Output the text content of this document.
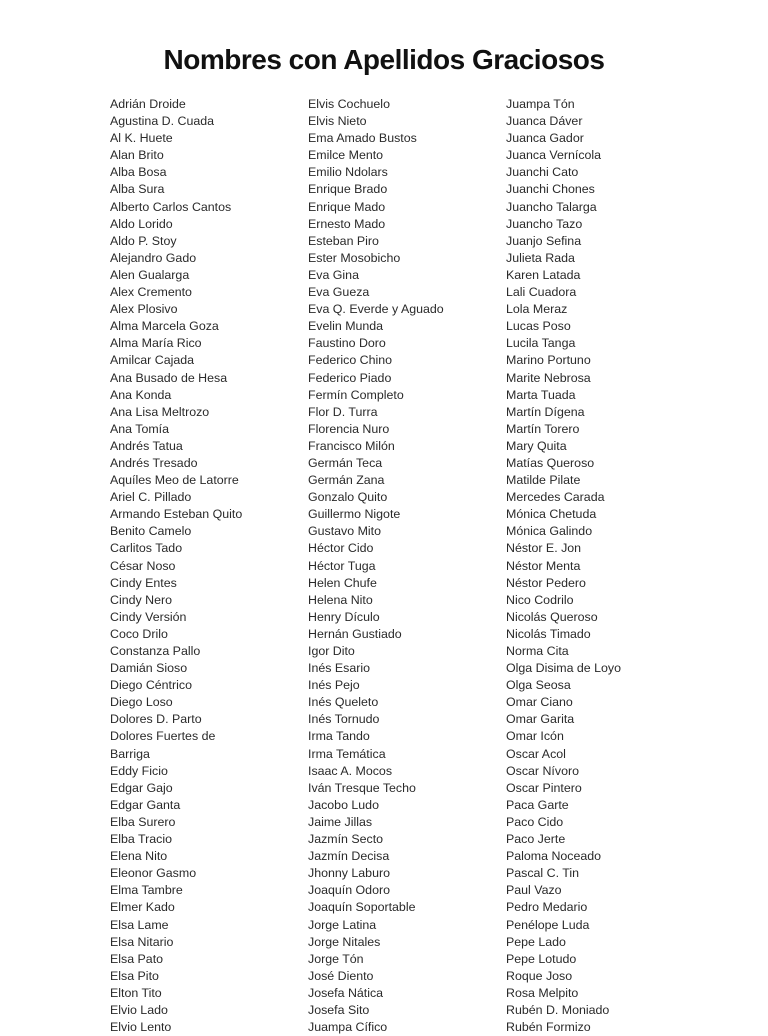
Nombres con Apellidos Graciosos
Adrián Droide
Agustina D. Cuada
Al K. Huete
Alan Brito
Alba Bosa
Alba Sura
Alberto Carlos Cantos
Aldo Lorido
Aldo P. Stoy
Alejandro Gado
Alen Gualarga
Alex Cremento
Alex Plosivo
Alma Marcela Goza
Alma María Rico
Amilcar Cajada
Ana Busado de Hesa
Ana Konda
Ana Lisa Meltrozo
Ana Tomía
Andrés Tatua
Andrés Tresado
Aquíles Meo de Latorre
Ariel C. Pillado
Armando Esteban Quito
Benito Camelo
Carlitos Tado
César Noso
Cindy Entes
Cindy Nero
Cindy Versión
Coco Drilo
Constanza Pallo
Damián Sioso
Diego Céntrico
Diego Loso
Dolores D. Parto
Dolores Fuertes de
Barriga
Eddy Ficio
Edgar Gajo
Edgar Ganta
Elba Surero
Elba Tracio
Elena Nito
Eleonor Gasmo
Elma Tambre
Elmer Kado
Elsa Lame
Elsa Nitario
Elsa Pato
Elsa Pito
Elton Tito
Elvio Lado
Elvio Lento
Elvis Cochuelo
Elvis Nieto
Ema Amado Bustos
Emilce Mento
Emilio Ndolars
Enrique Brado
Enrique Mado
Ernesto Mado
Esteban Piro
Ester Mosobicho
Eva Gina
Eva Gueza
Eva Q. Everde y Aguado
Evelin Munda
Faustino Doro
Federico Chino
Federico Piado
Fermín Completo
Flor D. Turra
Florencia Nuro
Francisco Milón
Germán Teca
Germán Zana
Gonzalo Quito
Guillermo Nigote
Gustavo Mito
Héctor Cido
Héctor Tuga
Helen Chufe
Helena Nito
Henry Dículo
Hernán Gustiado
Igor Dito
Inés Esario
Inés Pejo
Inés Queleto
Inés Tornudo
Irma Tando
Irma Temática
Isaac A. Mocos
Iván Tresque Techo
Jacobo Ludo
Jaime Jillas
Jazmín Secto
Jazmín Decisa
Jhonny Laburo
Joaquín Odoro
Joaquín Soportable
Jorge Latina
Jorge Nitales
Jorge Tón
José Diento
Josefa Nática
Josefa Sito
Juampa Cífico
Juampa Tón
Juanca Dáver
Juanca Gador
Juanca Vernícola
Juanchi Cato
Juanchi Chones
Juancho Talarga
Juancho Tazo
Juanjo Sefina
Julieta Rada
Karen Latada
Lali Cuadora
Lola Meraz
Lucas Poso
Lucila Tanga
Marino Portuno
Marite Nebrosa
Marta Tuada
Martín Dígena
Martín Torero
Mary Quita
Matías Queroso
Matilde Pilate
Mercedes Carada
Mónica Chetuda
Mónica Galindo
Néstor E. Jon
Néstor Menta
Néstor Pedero
Nico Codrilo
Nicolás Queroso
Nicolás Timado
Norma Cita
Olga Disima de Loyo
Olga Seosa
Omar Ciano
Omar Garita
Omar Icón
Oscar Acol
Oscar Nívoro
Oscar Pintero
Paca Garte
Paco Cido
Paco Jerte
Paloma Noceado
Pascal C. Tin
Paul Vazo
Pedro Medario
Penélope Luda
Pepe Lado
Pepe Lotudo
Roque Joso
Rosa Melpito
Rubén D. Moniado
Rubén Formizo
